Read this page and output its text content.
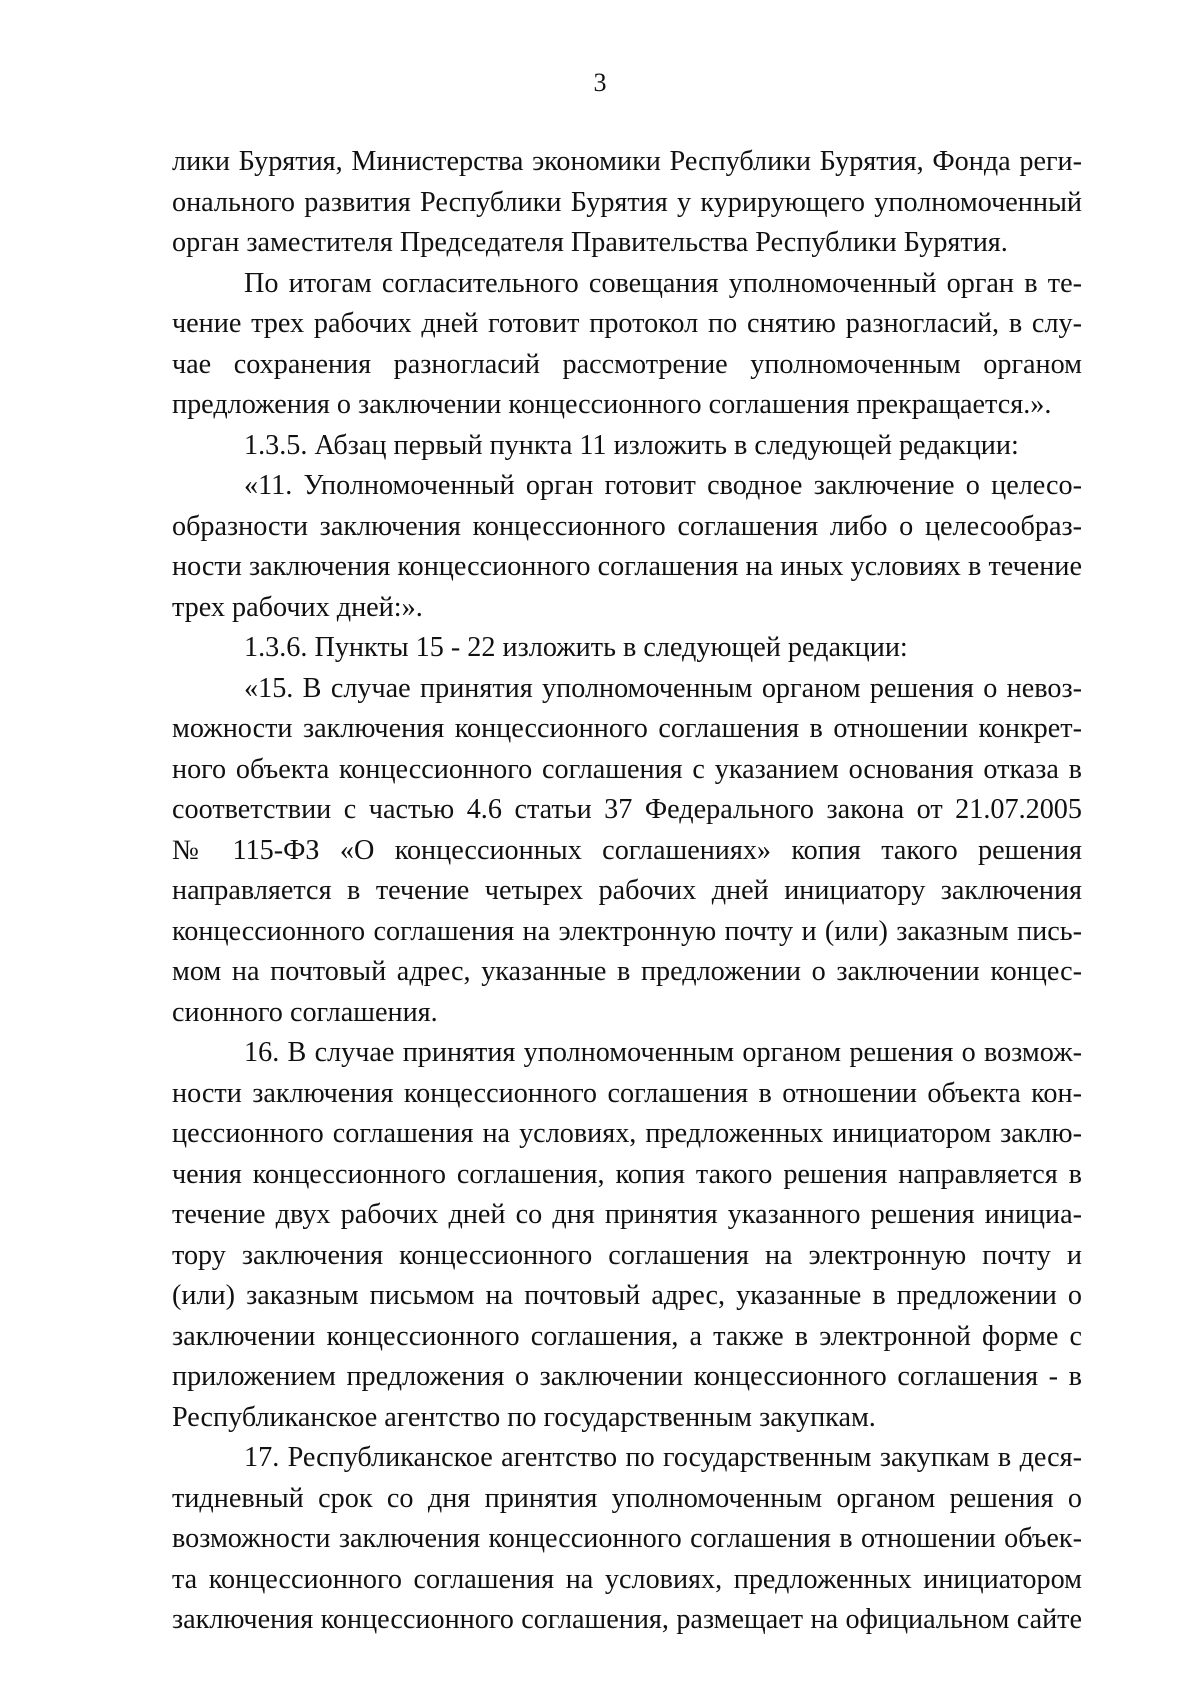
3
лики Бурятия, Министерства экономики Республики Бурятия, Фонда реги-
онального развития Республики Бурятия у курирующего уполномоченный
орган заместителя Председателя Правительства Республики Бурятия.
По итогам согласительного совещания уполномоченный орган в те-
чение трех рабочих дней готовит протокол по снятию разногласий, в слу-
чае сохранения разногласий рассмотрение уполномоченным органом
предложения о заключении концессионного соглашения прекращается.».
1.3.5. Абзац первый пункта 11 изложить в следующей редакции:
«11. Уполномоченный орган готовит сводное заключение о целесо-
образности заключения концессионного соглашения либо о целесообраз-
ности заключения концессионного соглашения на иных условиях в течение
трех рабочих дней:».
1.3.6. Пункты 15 - 22 изложить в следующей редакции:
«15. В случае принятия уполномоченным органом решения о невоз-
можности заключения концессионного соглашения в отношении конкрет-
ного объекта концессионного соглашения с указанием основания отказа в
соответствии с частью 4.6 статьи 37 Федерального закона от 21.07.2005
№ 115-ФЗ «О концессионных соглашениях» копия такого решения
направляется в течение четырех рабочих дней инициатору заключения
концессионного соглашения на электронную почту и (или) заказным пись-
мом на почтовый адрес, указанные в предложении о заключении концес-
сионного соглашения.
16. В случае принятия уполномоченным органом решения о возмож-
ности заключения концессионного соглашения в отношении объекта кон-
цессионного соглашения на условиях, предложенных инициатором заклю-
чения концессионного соглашения, копия такого решения направляется в
течение двух рабочих дней со дня принятия указанного решения инициа-
тору заключения концессионного соглашения на электронную почту и
(или) заказным письмом на почтовый адрес, указанные в предложении о
заключении концессионного соглашения, а также в электронной форме с
приложением предложения о заключении концессионного соглашения - в
Республиканское агентство по государственным закупкам.
17. Республиканское агентство по государственным закупкам в деся-
тидневный срок со дня принятия уполномоченным органом решения о
возможности заключения концессионного соглашения в отношении объек-
та концессионного соглашения на условиях, предложенных инициатором
заключения концессионного соглашения, размещает на официальном сайте
